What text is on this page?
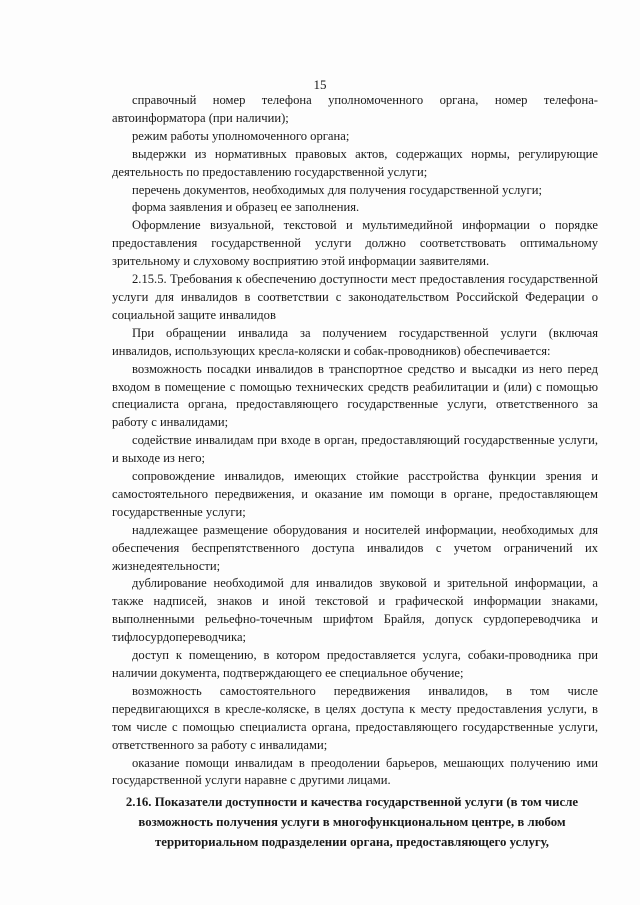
15

справочный номер телефона уполномоченного органа, номер телефона-автоинформатора (при наличии);

режим работы уполномоченного органа;

выдержки из нормативных правовых актов, содержащих нормы, регулирующие деятельность по предоставлению государственной услуги;

перечень документов, необходимых для получения государственной услуги;

форма заявления и образец ее заполнения.

Оформление визуальной, текстовой и мультимедийной информации о порядке предоставления государственной услуги должно соответствовать оптимальному зрительному и слуховому восприятию этой информации заявителями.

2.15.5. Требования к обеспечению доступности мест предоставления государственной услуги для инвалидов в соответствии с законодательством Российской Федерации о социальной защите инвалидов

При обращении инвалида за получением государственной услуги (включая инвалидов, использующих кресла-коляски и собак-проводников) обеспечивается:

возможность посадки инвалидов в транспортное средство и высадки из него перед входом в помещение с помощью технических средств реабилитации и (или) с помощью специалиста органа, предоставляющего государственные услуги, ответственного за работу с инвалидами;

содействие инвалидам при входе в орган, предоставляющий государственные услуги, и выходе из него;

сопровождение инвалидов, имеющих стойкие расстройства функции зрения и самостоятельного передвижения, и оказание им помощи в органе, предоставляющем государственные услуги;

надлежащее размещение оборудования и носителей информации, необходимых для обеспечения беспрепятственного доступа инвалидов с учетом ограничений их жизнедеятельности;

дублирование необходимой для инвалидов звуковой и зрительной информации, а также надписей, знаков и иной текстовой и графической информации знаками, выполненными рельефно-точечным шрифтом Брайля, допуск сурдопереводчика и тифлосурдопереводчика;

доступ к помещению, в котором предоставляется услуга, собаки-проводника при наличии документа, подтверждающего ее специальное обучение;

возможность самостоятельного передвижения инвалидов, в том числе передвигающихся в кресле-коляске, в целях доступа к месту предоставления услуги, в том числе с помощью специалиста органа, предоставляющего государственные услуги, ответственного за работу с инвалидами;

оказание помощи инвалидам в преодолении барьеров, мешающих получению ими государственной услуги наравне с другими лицами.

2.16. Показатели доступности и качества государственной услуги (в том числе возможность получения услуги в многофункциональном центре, в любом территориальном подразделении органа, предоставляющего услугу,
